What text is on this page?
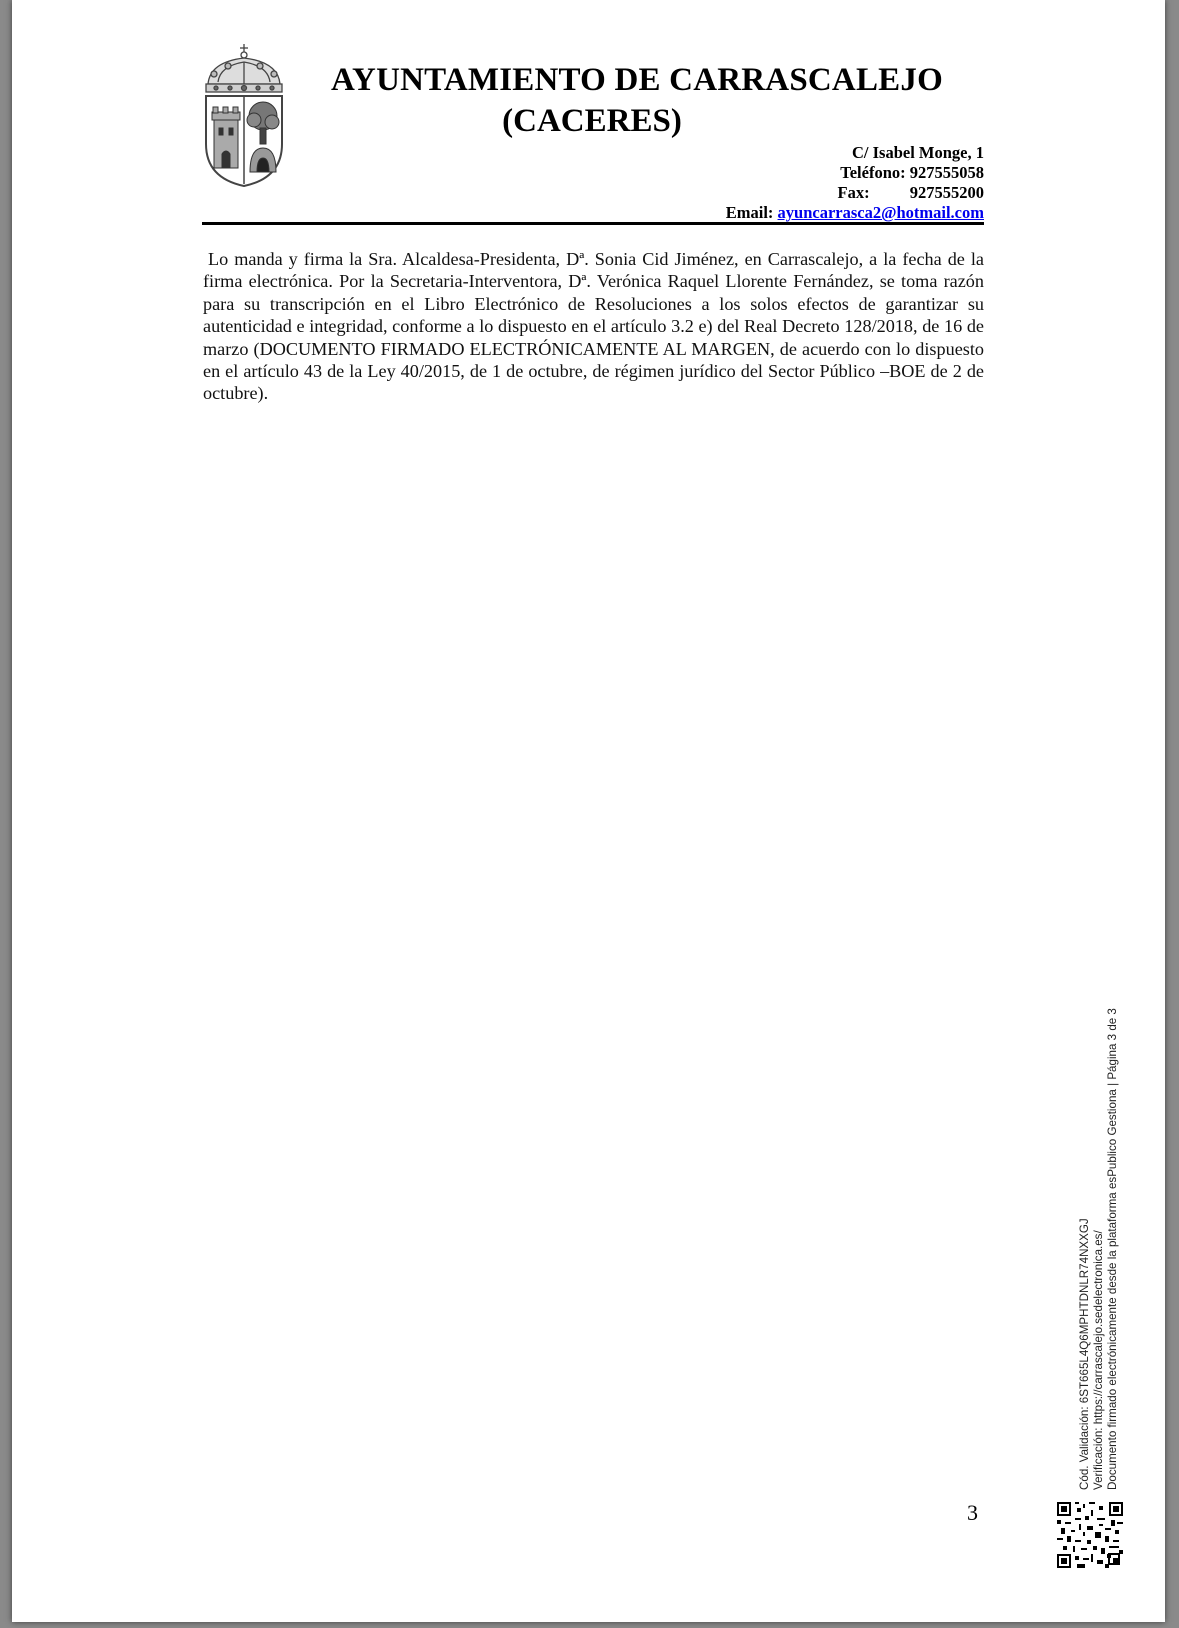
AYUNTAMIENTO DE CARRASCALEJO
(CACERES)
C/ Isabel Monge, 1
Teléfono: 927555058
Fax: 927555200
Email: ayuncarrasca2@hotmail.com

Lo manda y firma la Sra. Alcaldesa-Presidenta, Dª. Sonia Cid Jiménez, en Carrascalejo, a la fecha de la firma electrónica. Por la Secretaria-Interventora, Dª. Verónica Raquel Llorente Fernández, se toma razón para su transcripción en el Libro Electrónico de Resoluciones a los solos efectos de garantizar su autenticidad e integridad, conforme a lo dispuesto en el artículo 3.2 e) del Real Decreto 128/2018, de 16 de marzo (DOCUMENTO FIRMADO ELECTRÓNICAMENTE AL MARGEN, de acuerdo con lo dispuesto en el artículo 43 de la Ley 40/2015, de 1 de octubre, de régimen jurídico del Sector Público –BOE de 2 de octubre).

3
Cód. Validación: 6ST665L4Q6MPHTDNLR74NXXGJ Verificación: https://carrascalejo.sedelectronica.es/ Documento firmado electrónicamente desde la plataforma esPublico Gestiona | Página 3 de 3
